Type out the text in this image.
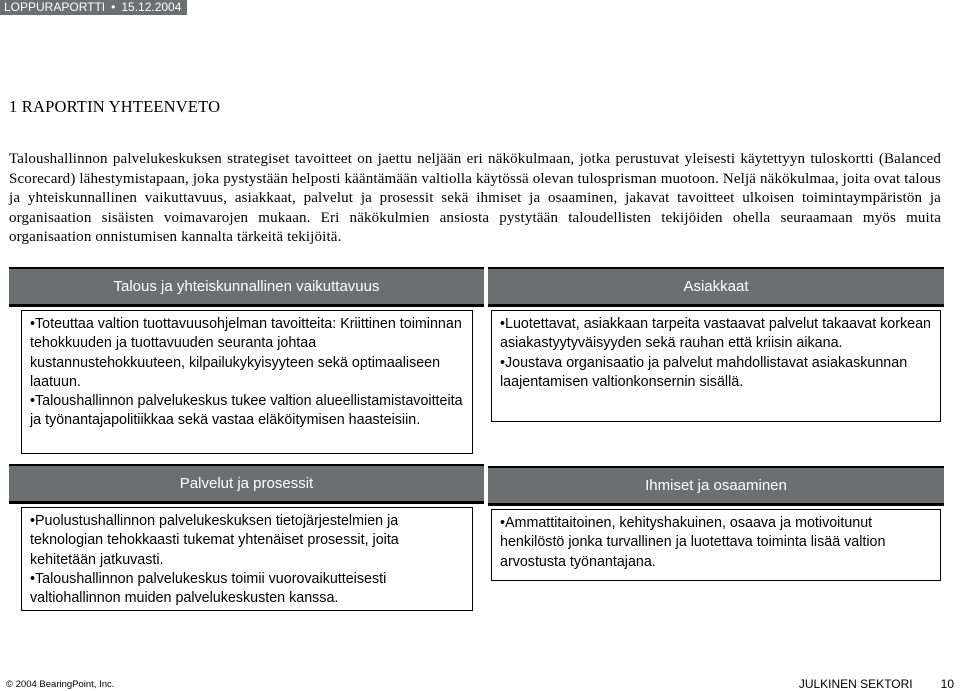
LOPPURAPORTTI • 15.12.2004
1 RAPORTIN YHTEENVETO
Taloushallinnon palvelukeskuksen strategiset tavoitteet on jaettu neljään eri näkökulmaan, jotka perustuvat yleisesti käytettyyn tuloskortti (Balanced Scorecard) lähestymistapaan, joka pystystään helposti kääntämään valtiolla käytössä olevan tulosprisman muotoon. Neljä näkökulmaa, joita ovat talous ja yhteiskunnallinen vaikuttavuus, asiakkaat, palvelut ja prosessit sekä ihmiset ja osaaminen, jakavat tavoitteet ulkoisen toimintaympäristön ja organisaation sisäisten voimavarojen mukaan. Eri näkökulmien ansiosta pystytään taloudellisten tekijöiden ohella seuraamaan myös muita organisaation onnistumisen kannalta tärkeitä tekijöitä.
Talous ja yhteiskunnallinen vaikuttavuus

•Toteuttaa valtion tuottavuusohjelman tavoitteita: Kriittinen toiminnan tehokkuuden ja tuottavuuden seuranta johtaa kustannustehokkuuteen, kilpailukykyisyyteen sekä optimaaliseen laatuun.

•Taloushallinnon palvelukeskus tukee valtion alueellistamistavoitteita ja työnantajapolitiikkaa sekä vastaa eläköitymisen haasteisiin.

Asiakkaat

•Luotettavat, asiakkaan tarpeita vastaavat palvelut takaavat korkean asiakastyytyväisyyden sekä rauhan että kriisin aikana.

•Joustava organisaatio ja palvelut mahdollistavat asiakaskunnan laajentamisen valtionkonsernin sisällä.

Palvelut ja prosessit

•Puolustushallinnon palvelukeskuksen tietojärjestelmien ja teknologian tehokkaasti tukemat yhtenäiset prosessit, joita kehitetään jatkuvasti.

•Taloushallinnon palvelukeskus toimii vuorovaikutteisesti valtiohallinnon muiden palvelukeskusten kanssa.

Ihmiset ja osaaminen

•Ammattitaitoinen, kehityshakuinen, osaava ja motivoitunut henkilöstö jonka turvallinen ja luotettava toiminta lisää valtion arvostusta työnantajana.

© 2004 BearingPoint, Inc.	JULKINEN SEKTORI 10
